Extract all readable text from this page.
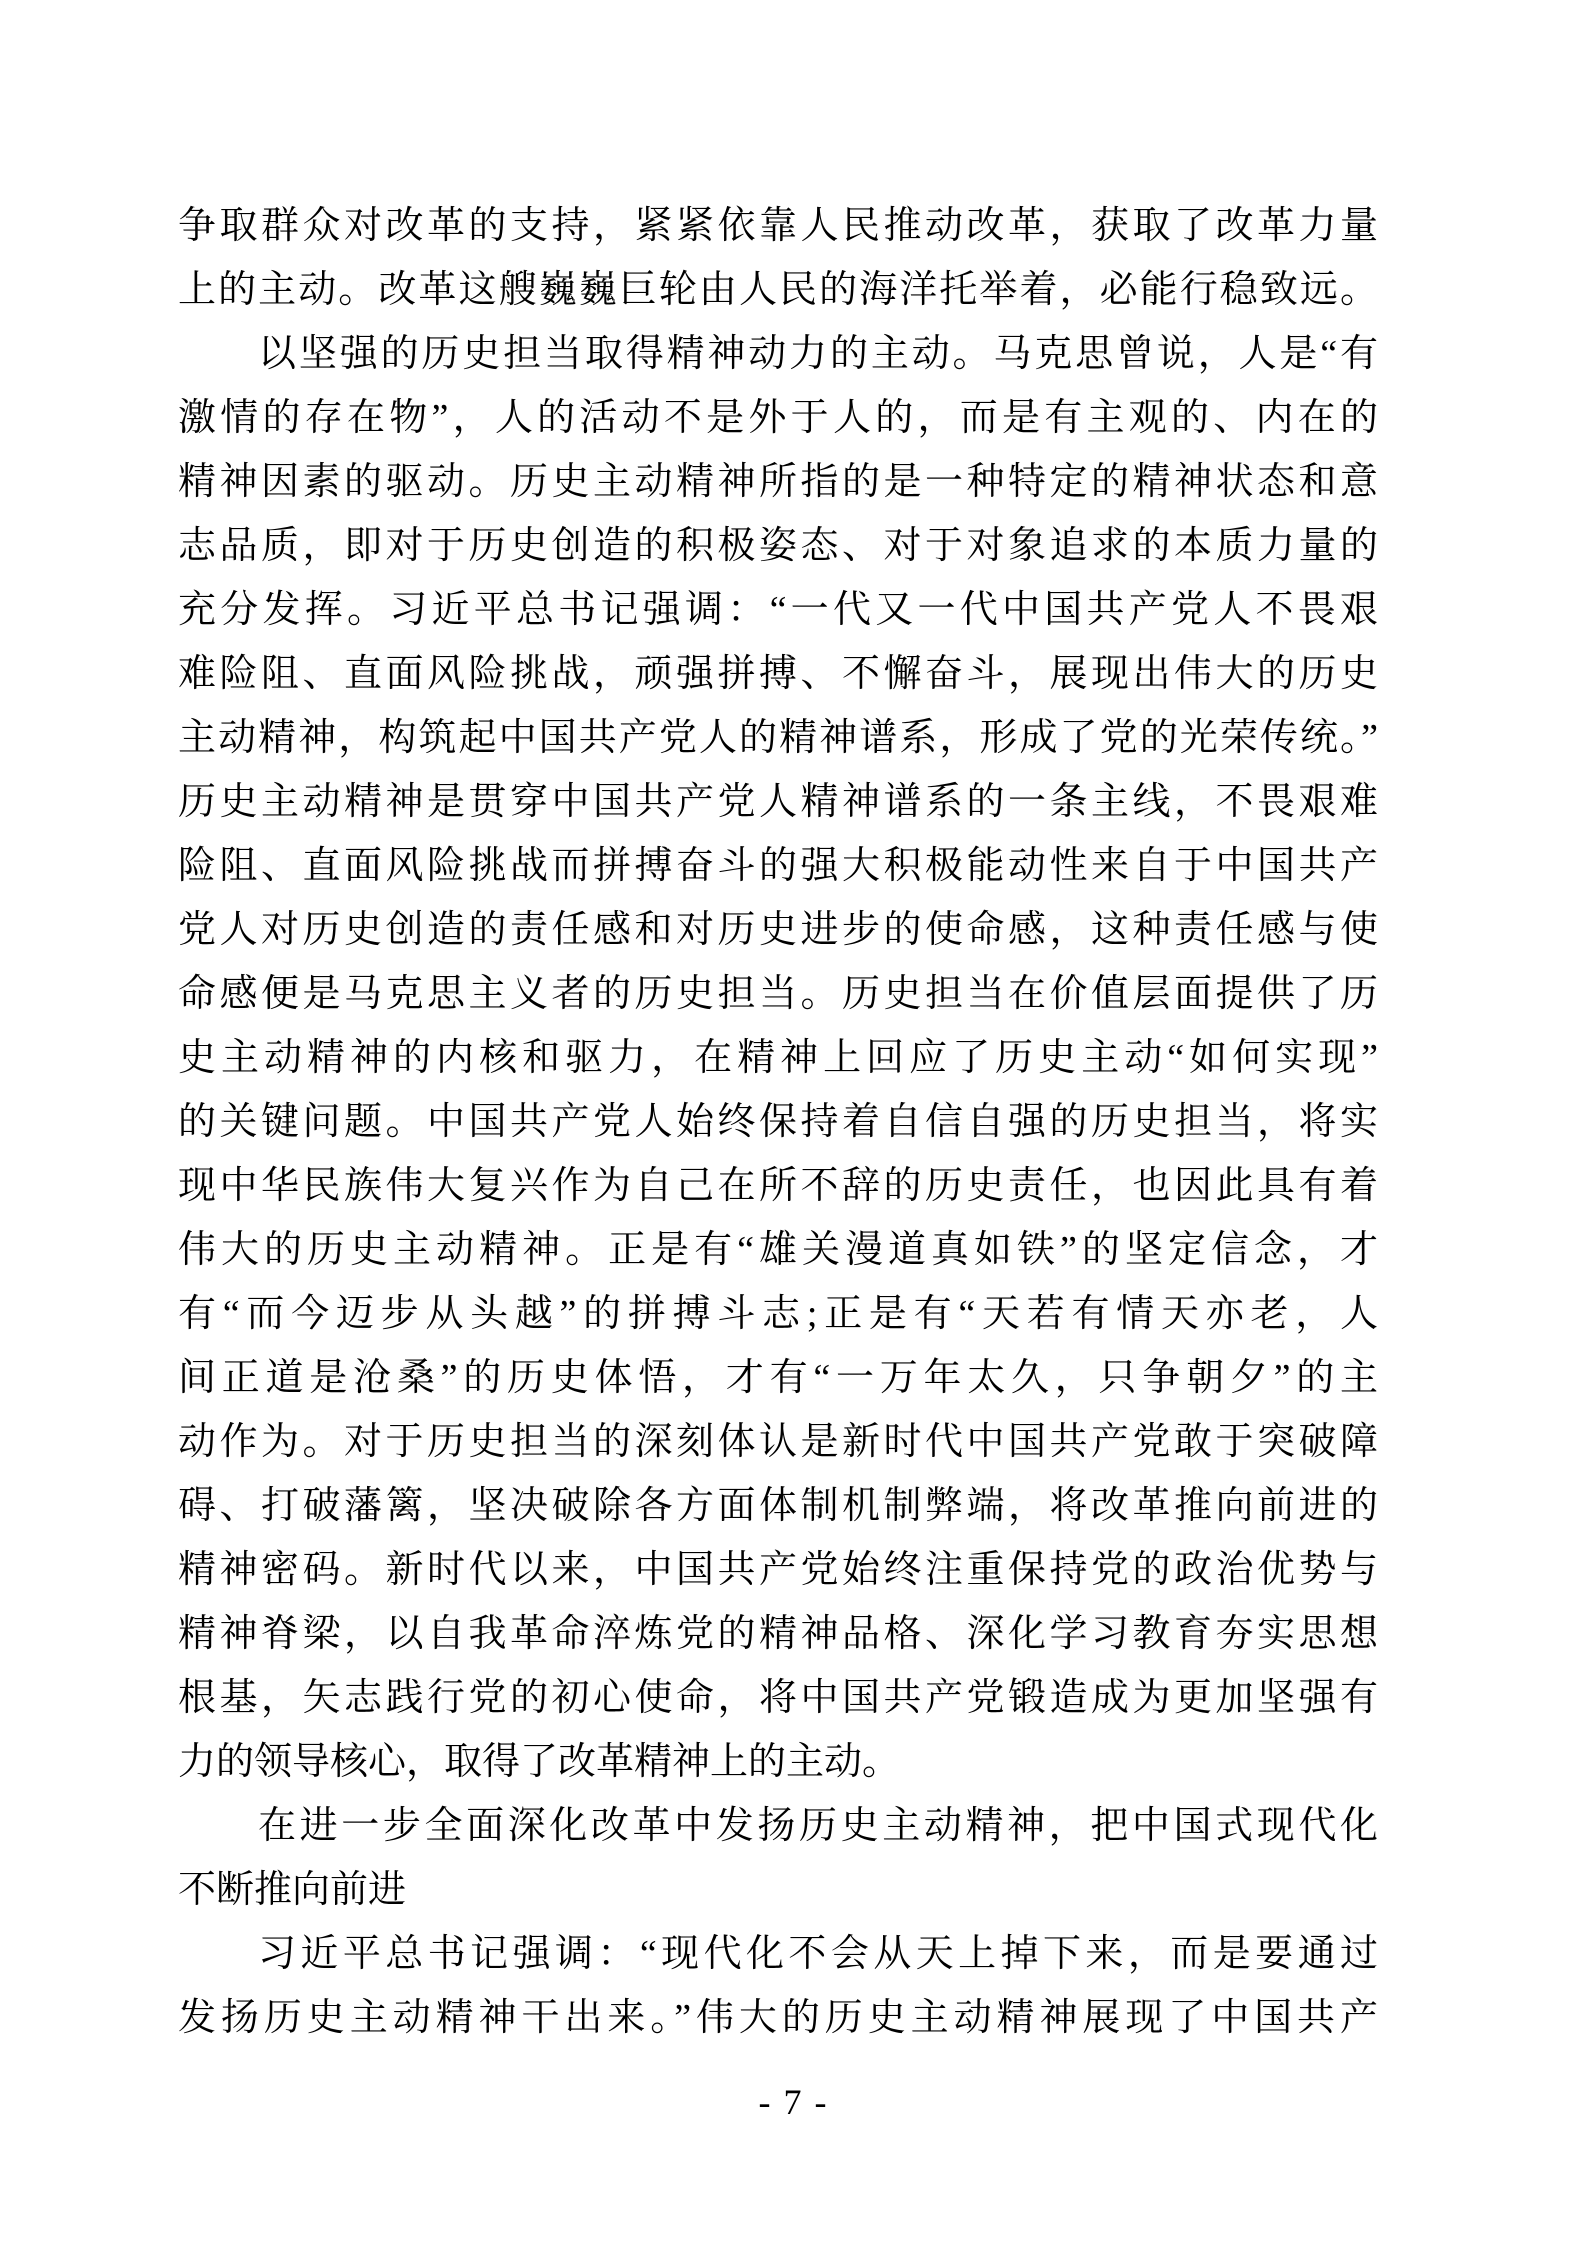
争取群众对改革的支持，紧紧依靠人民推动改革，获取了改革力量

上的主动。改革这艘巍巍巨轮由人民的海洋托举着，必能行稳致远。

以坚强的历史担当取得精神动力的主动。马克思曾说，人是“有

激情的存在物”，人的活动不是外于人的，而是有主观的、内在的

精神因素的驱动。历史主动精神所指的是一种特定的精神状态和意

志品质，即对于历史创造的积极姿态、对于对象追求的本质力量的

充分发挥。习近平总书记强调：“一代又一代中国共产党人不畏艰

难险阻、直面风险挑战，顽强拼搏、不懈奋斗，展现出伟大的历史

主动精神，构筑起中国共产党人的精神谱系，形成了党的光荣传统。”

历史主动精神是贯穿中国共产党人精神谱系的一条主线，不畏艰难

险阻、直面风险挑战而拼搏奋斗的强大积极能动性来自于中国共产

党人对历史创造的责任感和对历史进步的使命感，这种责任感与使

命感便是马克思主义者的历史担当。历史担当在价值层面提供了历

史主动精神的内核和驱力，在精神上回应了历史主动“如何实现”

的关键问题。中国共产党人始终保持着自信自强的历史担当，将实

现中华民族伟大复兴作为自己在所不辞的历史责任，也因此具有着

伟大的历史主动精神。正是有“雄关漫道真如铁”的坚定信念，才

有“而今迈步从头越”的拼搏斗志;正是有“天若有情天亦老，人

间正道是沧桑”的历史体悟，才有“一万年太久，只争朝夕”的主

动作为。对于历史担当的深刻体认是新时代中国共产党敢于突破障

碍、打破藩篱，坚决破除各方面体制机制弊端，将改革推向前进的

精神密码。新时代以来，中国共产党始终注重保持党的政治优势与

精神脊梁，以自我革命淬炼党的精神品格、深化学习教育夯实思想

根基，矢志践行党的初心使命，将中国共产党锻造成为更加坚强有

力的领导核心，取得了改革精神上的主动。

在进一步全面深化改革中发扬历史主动精神，把中国式现代化

不断推向前进

习近平总书记强调：“现代化不会从天上掉下来，而是要通过

发扬历史主动精神干出来。”伟大的历史主动精神展现了中国共产

- 7 -
